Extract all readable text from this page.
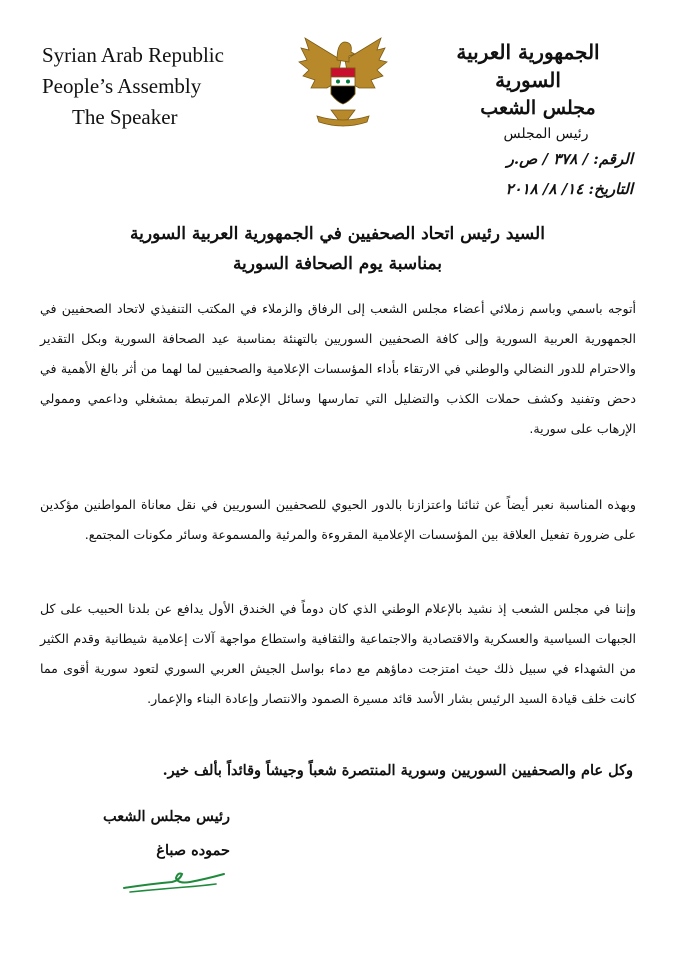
Syrian Arab Republic
People’s Assembly
The Speaker
الجمهورية العربية السورية
مجلس الشعب
رئيس المجلس
الرقم: / ٣٧٨ / ص.ر
التاريخ: ١٤/ ٨/ ٢٠١٨
السيد رئيس اتحاد الصحفيين في الجمهورية العربية السورية
بمناسبة يوم الصحافة السورية
أتوجه باسمي وباسم زملائي أعضاء مجلس الشعب إلى الرفاق والزملاء في المكتب التنفيذي لاتحاد الصحفيين في الجمهورية العربية السورية وإلى كافة الصحفيين السوريين بالتهنئة بمناسبة عيد الصحافة السورية وبكل التقدير والاحترام للدور النضالي والوطني في الارتقاء بأداء المؤسسات الإعلامية والصحفيين لما لهما من أثر بالغ الأهمية في دحض وتفنيد وكشف حملات الكذب والتضليل التي تمارسها وسائل الإعلام المرتبطة بمشغلي وداعمي وممولي الإرهاب على سورية.
وبهذه المناسبة نعبر أيضاً عن ثنائنا واعتزازنا بالدور الحيوي للصحفيين السوريين في نقل معاناة المواطنين مؤكدين على ضرورة تفعيل العلاقة بين المؤسسات الإعلامية المقروءة والمرئية والمسموعة وسائر مكونات المجتمع.
وإننا في مجلس الشعب إذ نشيد بالإعلام الوطني الذي كان دوماً في الخندق الأول يدافع عن بلدنا الحبيب على كل الجبهات السياسية والعسكرية والاقتصادية والاجتماعية والثقافية واستطاع مواجهة آلات إعلامية شيطانية وقدم الكثير من الشهداء في سبيل ذلك حيث امتزجت دماؤهم مع دماء بواسل الجيش العربي السوري لتعود سورية أقوى مما كانت خلف قيادة السيد الرئيس بشار الأسد قائد مسيرة الصمود والانتصار وإعادة البناء والإعمار.
وكل عام والصحفيين السوريين وسورية المنتصرة شعباً وجيشاً وقائداً بألف خير.
رئيس مجلس الشعب
حموده صباغ
